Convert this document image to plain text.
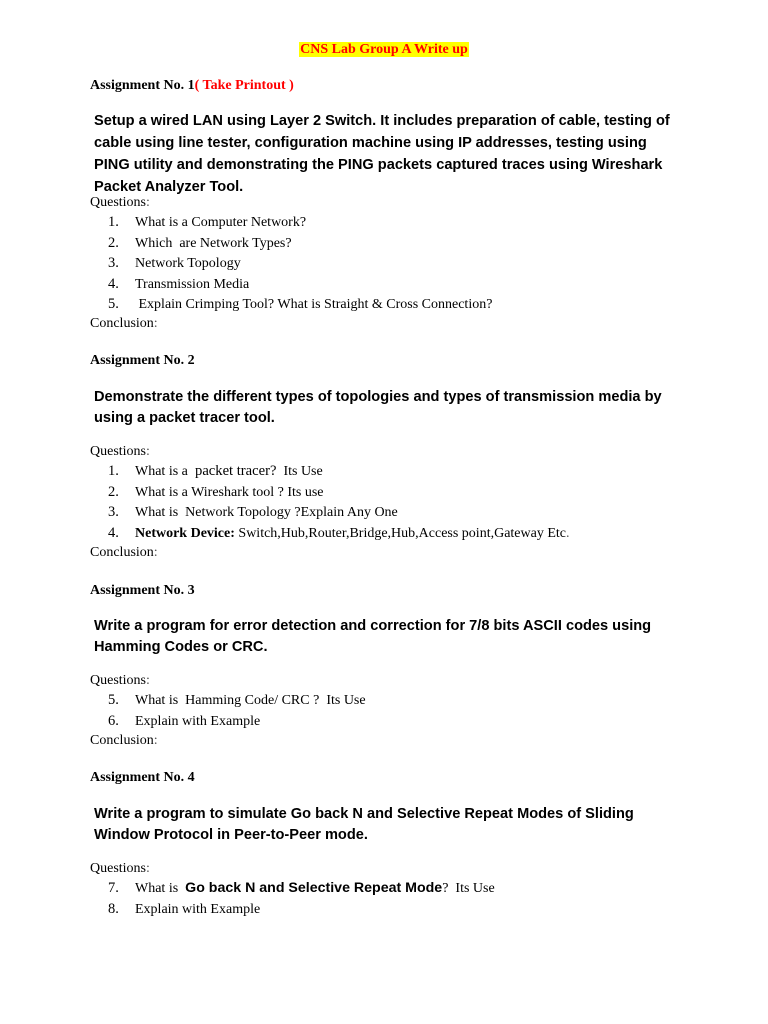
CNS Lab Group A Write up
Assignment No. 1( Take Printout )
Setup a wired LAN using Layer 2 Switch. It includes preparation of cable, testing of cable using line tester, configuration machine using IP addresses, testing using PING utility and demonstrating the PING packets captured traces using Wireshark Packet Analyzer Tool.
Questions:
1. What is a Computer Network?
2. Which  are Network Types?
3. Network Topology
4. Transmission Media
5. Explain Crimping Tool? What is Straight & Cross Connection?
Conclusion:
Assignment No. 2
Demonstrate the different types of topologies and types of transmission media by using a packet tracer tool.
Questions:
1. What is a  packet tracer?  Its Use
2. What is a Wireshark tool ? Its use
3. What is  Network Topology ?Explain Any One
4. Network Device: Switch,Hub,Router,Bridge,Hub,Access point,Gateway Etc.
Conclusion:
Assignment No. 3
Write a program for error detection and correction for 7/8 bits ASCII codes using Hamming Codes or CRC.
Questions:
5. What is  Hamming Code/ CRC ?  Its Use
6. Explain with Example
Conclusion:
Assignment No. 4
Write a program to simulate Go back N and Selective Repeat Modes of Sliding Window Protocol in Peer-to-Peer mode.
Questions:
7. What is  Go back N and Selective Repeat Mode?  Its Use
8. Explain with Example
